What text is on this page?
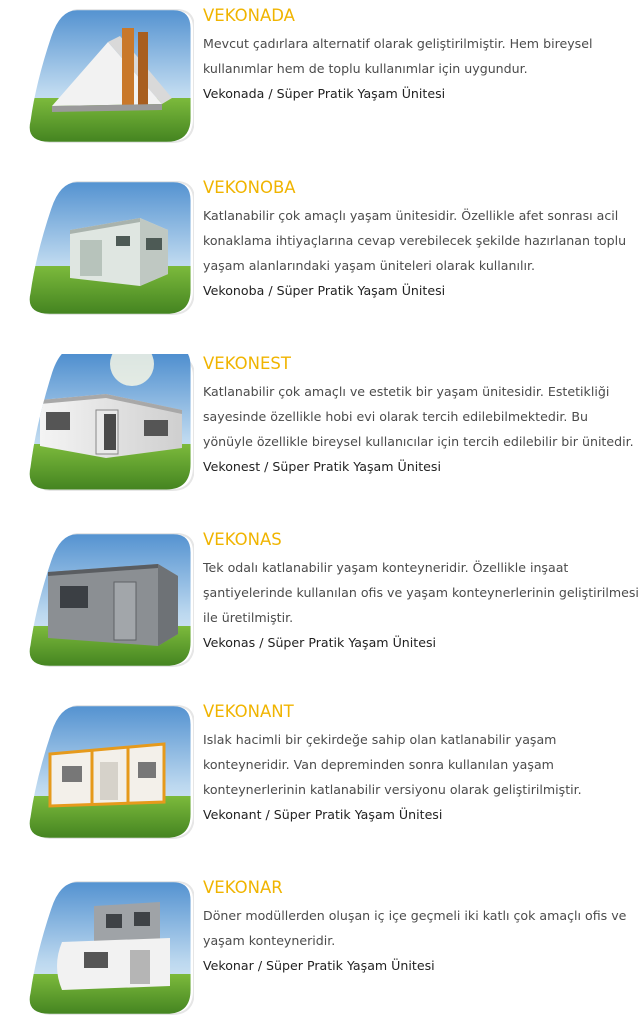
VEKONADA

Mevcut çadırlara alternatif olarak geliştirilmiştir. Hem bireysel kullanımlar hem de toplu kullanımlar için uygundur.

Vekonada / Süper Pratik Yaşam Ünitesi

VEKONOBA

Katlanabilir çok amaçlı yaşam ünitesidir. Özellikle afet sonrası acil konaklama ihtiyaçlarına cevap verebilecek şekilde hazırlanan toplu yaşam alanlarındaki yaşam üniteleri olarak kullanılır.

Vekonoba / Süper Pratik Yaşam Ünitesi

VEKONEST

Katlanabilir çok amaçlı ve estetik bir yaşam ünitesidir. Estetikliği sayesinde özellikle hobi evi olarak tercih edilebilmektedir. Bu yönüyle özellikle bireysel kullanıcılar için tercih edilebilir bir ünitedir.

Vekonest / Süper Pratik Yaşam Ünitesi

VEKONAS

Tek odalı katlanabilir yaşam konteyneridir. Özellikle inşaat şantiyelerinde kullanılan ofis ve yaşam konteynerlerinin geliştirilmesi ile üretilmiştir.

Vekonas / Süper Pratik Yaşam Ünitesi

VEKONANT

Islak hacimli bir çekirdeğe sahip olan katlanabilir yaşam konteyneridir. Van depreminden sonra kullanılan yaşam konteynerlerinin katlanabilir versiyonu olarak geliştirilmiştir.

Vekonant / Süper Pratik Yaşam Ünitesi

VEKONAR

Döner modüllerden oluşan iç içe geçmeli iki katlı çok amaçlı ofis ve yaşam konteyneridir.

Vekonar / Süper Pratik Yaşam Ünitesi
